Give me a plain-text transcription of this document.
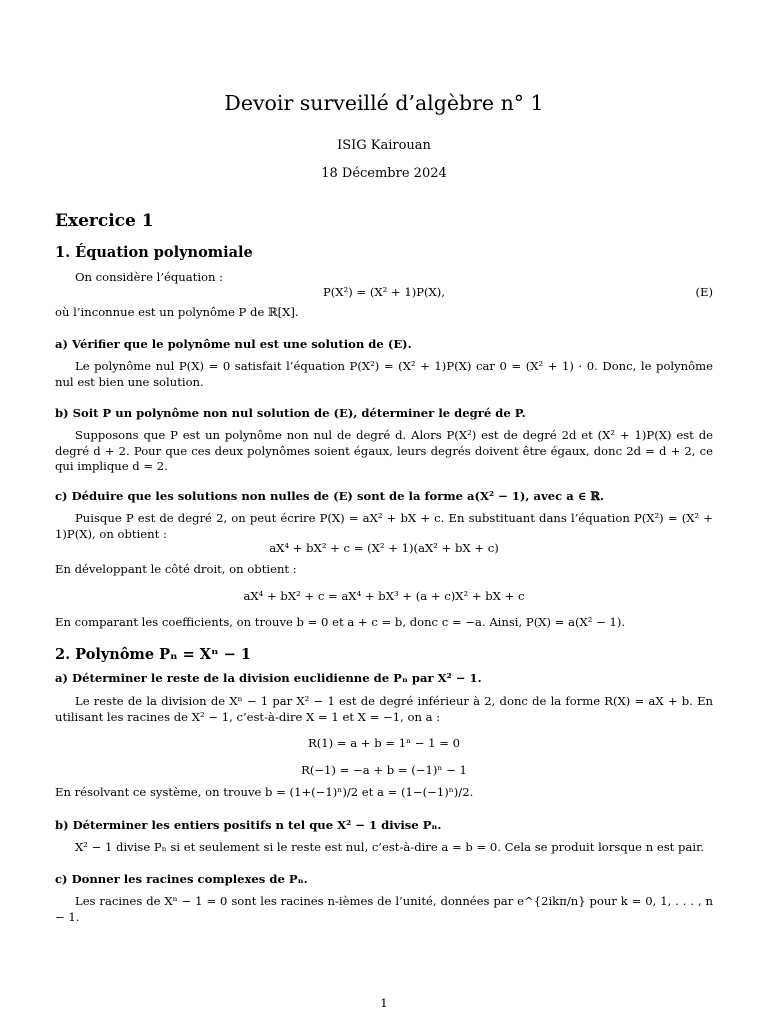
Devoir surveillé d’algèbre n° 1
ISIG Kairouan
18 Décembre 2024
Exercice 1
1. Équation polynomiale
On considère l’équation :
P(X²) = (X² + 1)P(X),	(E)
où l’inconnue est un polynôme P de ℝ[X].
a) Vérifier que le polynôme nul est une solution de (E).
Le polynôme nul P(X) = 0 satisfait l’équation P(X²) = (X² + 1)P(X) car 0 = (X² + 1) · 0. Donc, le polynôme nul est bien une solution.
b) Soit P un polynôme non nul solution de (E), déterminer le degré de P.
Supposons que P est un polynôme non nul de degré d. Alors P(X²) est de degré 2d et (X² + 1)P(X) est de degré d + 2. Pour que ces deux polynômes soient égaux, leurs degrés doivent être égaux, donc 2d = d + 2, ce qui implique d = 2.
c) Déduire que les solutions non nulles de (E) sont de la forme a(X² − 1), avec a ∈ ℝ.
Puisque P est de degré 2, on peut écrire P(X) = aX² + bX + c. En substituant dans l’équation P(X²) = (X² + 1)P(X), on obtient :
aX⁴ + bX² + c = (X² + 1)(aX² + bX + c)
En développant le côté droit, on obtient :
aX⁴ + bX² + c = aX⁴ + bX³ + (a + c)X² + bX + c
En comparant les coefficients, on trouve b = 0 et a + c = b, donc c = −a. Ainsi, P(X) = a(X² − 1).
2. Polynôme Pₙ = Xⁿ − 1
a) Déterminer le reste de la division euclidienne de Pₙ par X² − 1.
Le reste de la division de Xⁿ − 1 par X² − 1 est de degré inférieur à 2, donc de la forme R(X) = aX + b. En utilisant les racines de X² − 1, c’est-à-dire X = 1 et X = −1, on a :
R(1) = a + b = 1ⁿ − 1 = 0
R(−1) = −a + b = (−1)ⁿ − 1
En résolvant ce système, on trouve b = (1+(−1)ⁿ)/2 et a = (1−(−1)ⁿ)/2.
b) Déterminer les entiers positifs n tel que X² − 1 divise Pₙ.
X² − 1 divise Pₙ si et seulement si le reste est nul, c’est-à-dire a = b = 0. Cela se produit lorsque n est pair.
c) Donner les racines complexes de Pₙ.
Les racines de Xⁿ − 1 = 0 sont les racines n-ièmes de l’unité, données par e^{2ikπ/n} pour k = 0, 1, . . . , n − 1.
1
